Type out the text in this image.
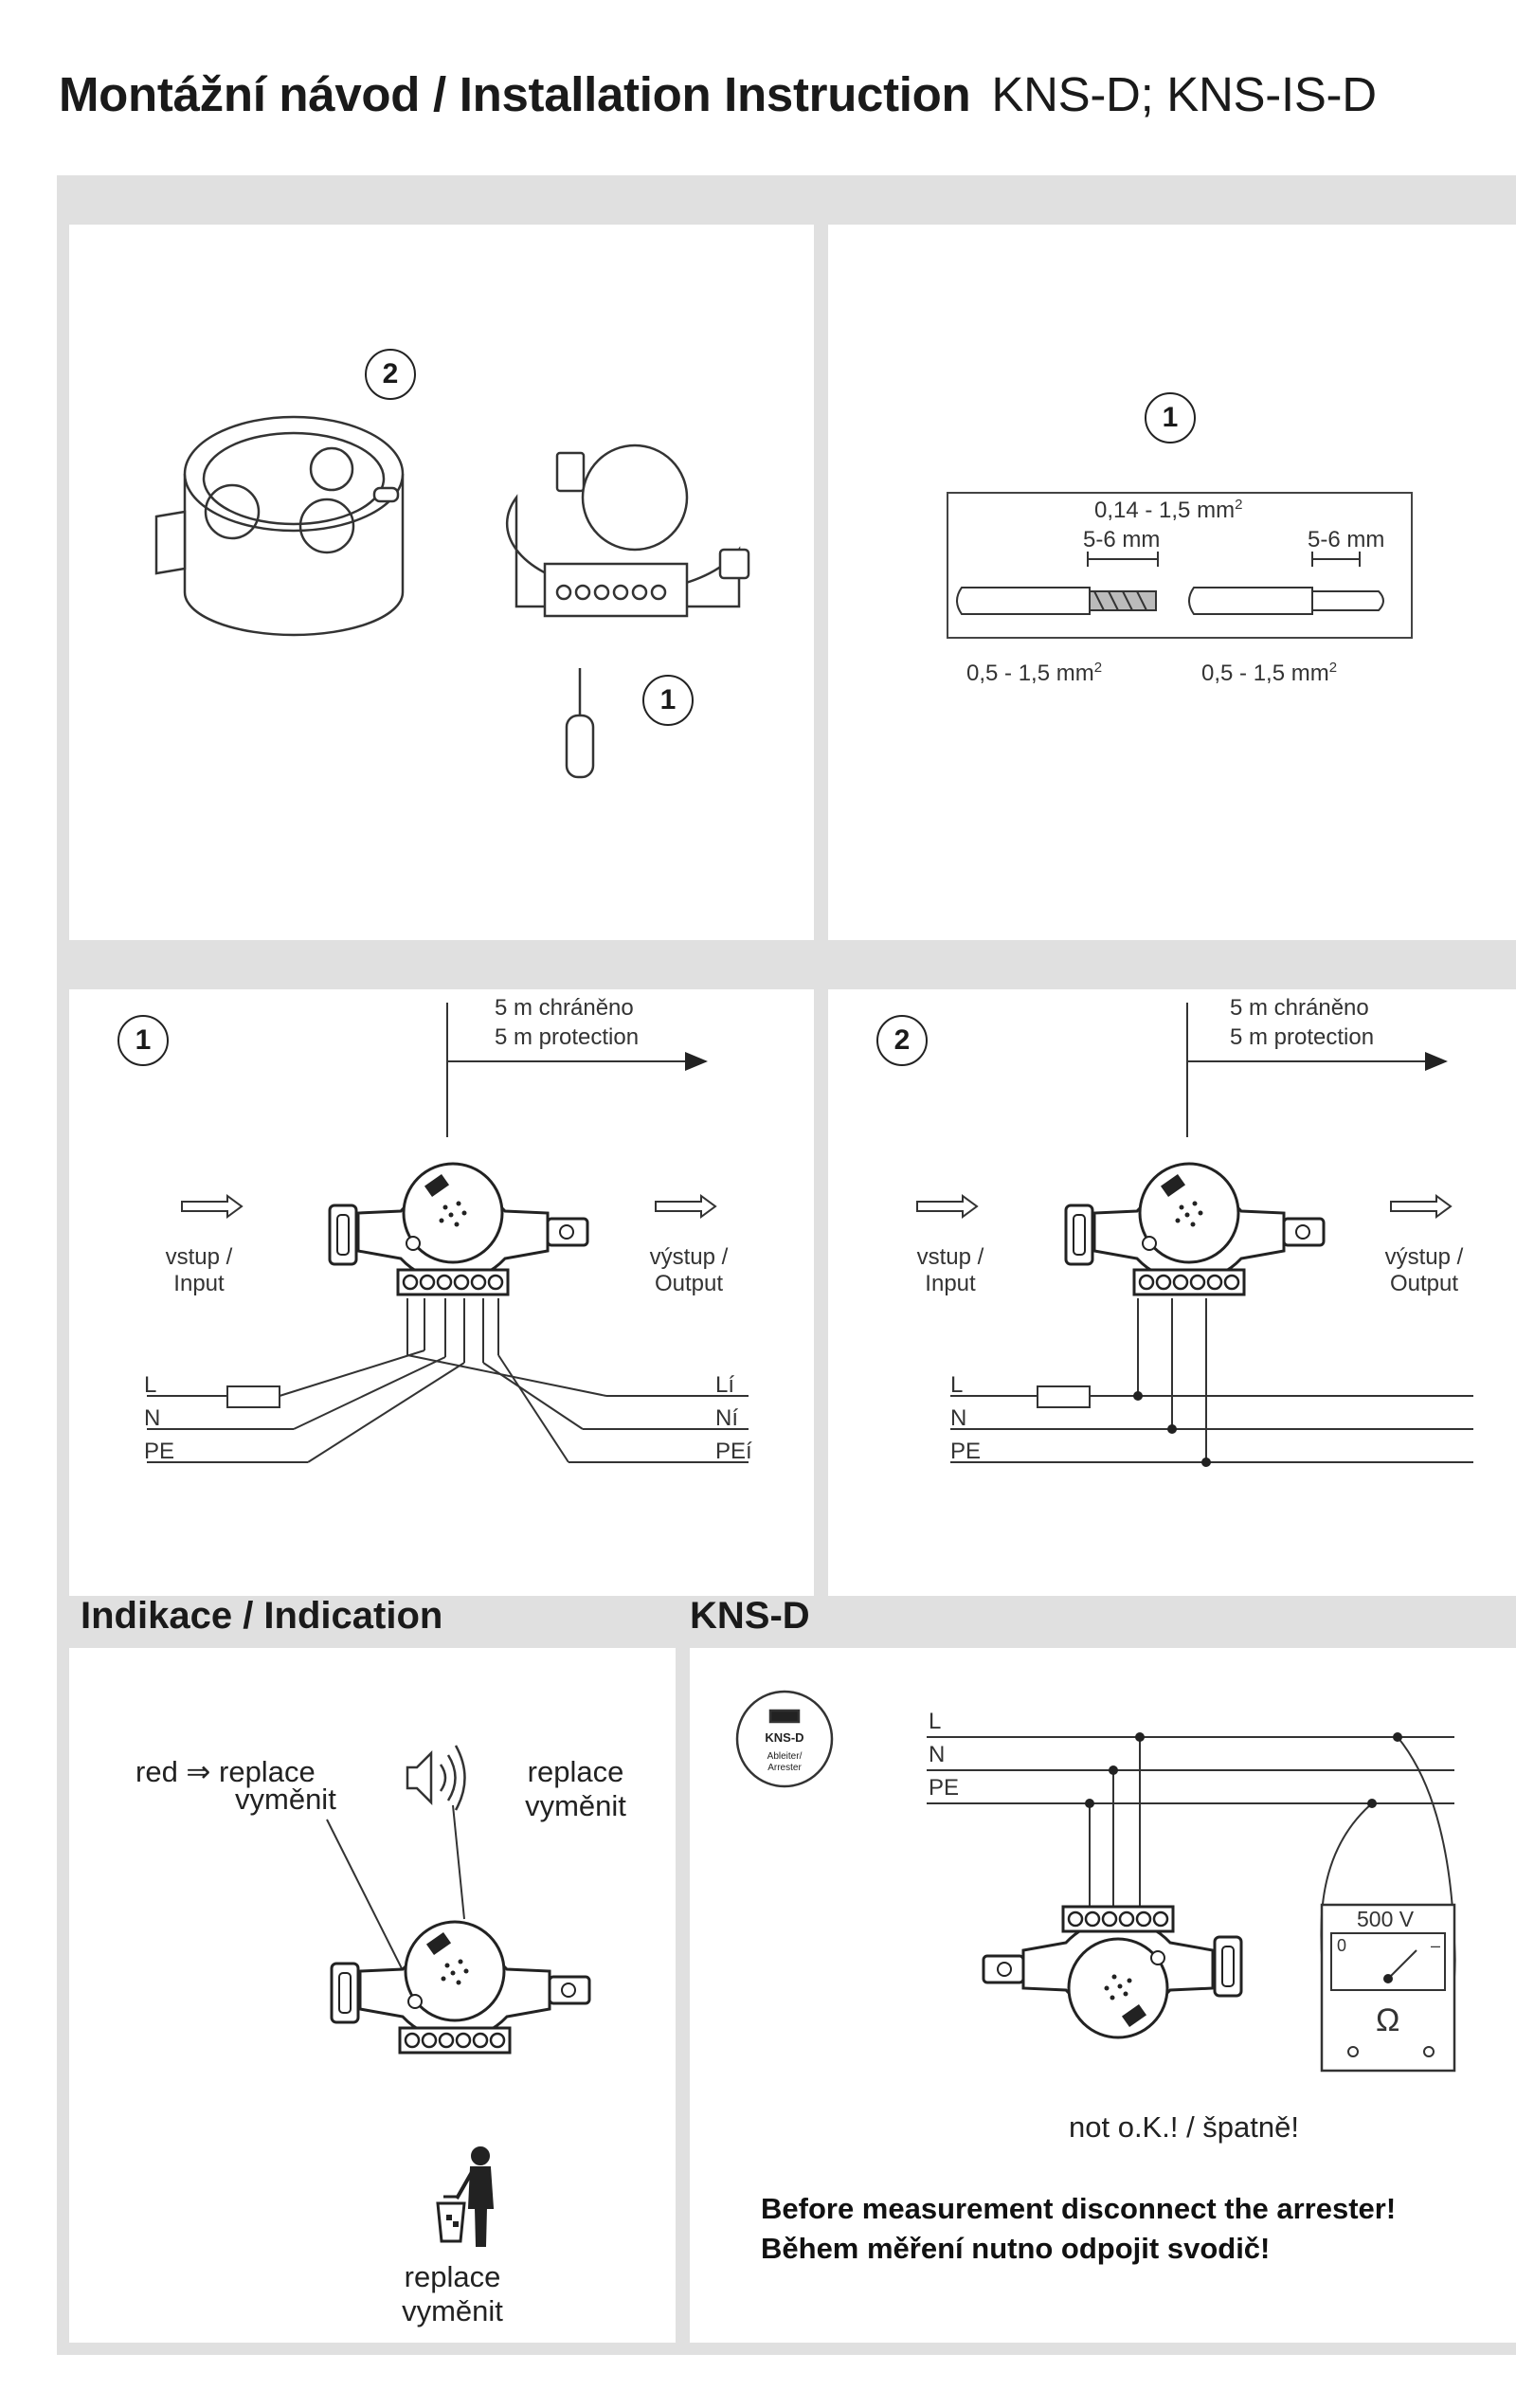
Montážní návod / Installation Instruction KNS-D; KNS-IS-D
Indikace / Indication	KNS-D
2
1
1
0,14 - 1,5 $mm^2$
5-6 mm	5-6 mm
0,5 - 1,5 $mm^2$	0,5 - 1,5 $mm^2$
1
5 m chráněno
5 m protection
vstup /
Input
výstup /
Output
L
N
PE
Lí
Ní
PEí
2
5 m chráněno
5 m protection
vstup /
Input
výstup /
Output
L
N
PE
red ⇒ replace
vyměnit
replace
vyměnit
replace
vyměnit
KNS-D
Ableiter/
Arrester
L
N
PE
500 V
0	–
Ω
not o.K.! / špatně!
Before measurement disconnect the arrester!
Během měření nutno odpojit svodič!
